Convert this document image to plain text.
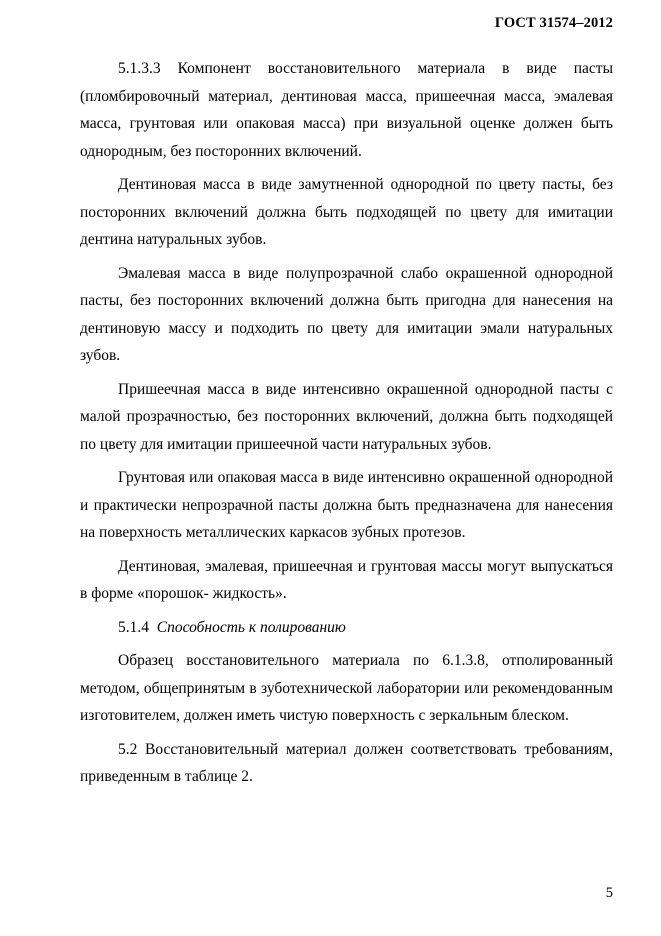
ГОСТ 31574–2012

5.1.3.3 Компонент восстановительного материала в виде пасты (пломбировочный материал, дентиновая масса, пришеечная масса, эмалевая масса, грунтовая или опаковая масса) при визуальной оценке должен быть однородным, без посторонних включений.

Дентиновая масса в виде замутненной однородной по цвету пасты, без посторонних включений должна быть подходящей по цвету для имитации дентина натуральных зубов.

Эмалевая масса в виде полупрозрачной слабо окрашенной однородной пасты, без посторонних включений должна быть пригодна для нанесения на дентиновую массу и подходить по цвету для имитации эмали натуральных зубов.

Пришеечная масса в виде интенсивно окрашенной однородной пасты с малой прозрачностью, без посторонних включений, должна быть подходящей по цвету для имитации пришеечной части натуральных зубов.

Грунтовая или опаковая масса в виде интенсивно окрашенной однородной и практически непрозрачной пасты должна быть предназначена для нанесения на поверхность металлических каркасов зубных протезов.

Дентиновая, эмалевая, пришеечная и грунтовая массы могут выпускаться в форме «порошок- жидкость».

5.1.4 Способность к полированию

Образец восстановительного материала по 6.1.3.8, отполированный методом, общепринятым в зуботехнической лаборатории или рекомендованным изготовителем, должен иметь чистую поверхность с зеркальным блеском.

5.2 Восстановительный материал должен соответствовать требованиям, приведенным в таблице 2.

5
